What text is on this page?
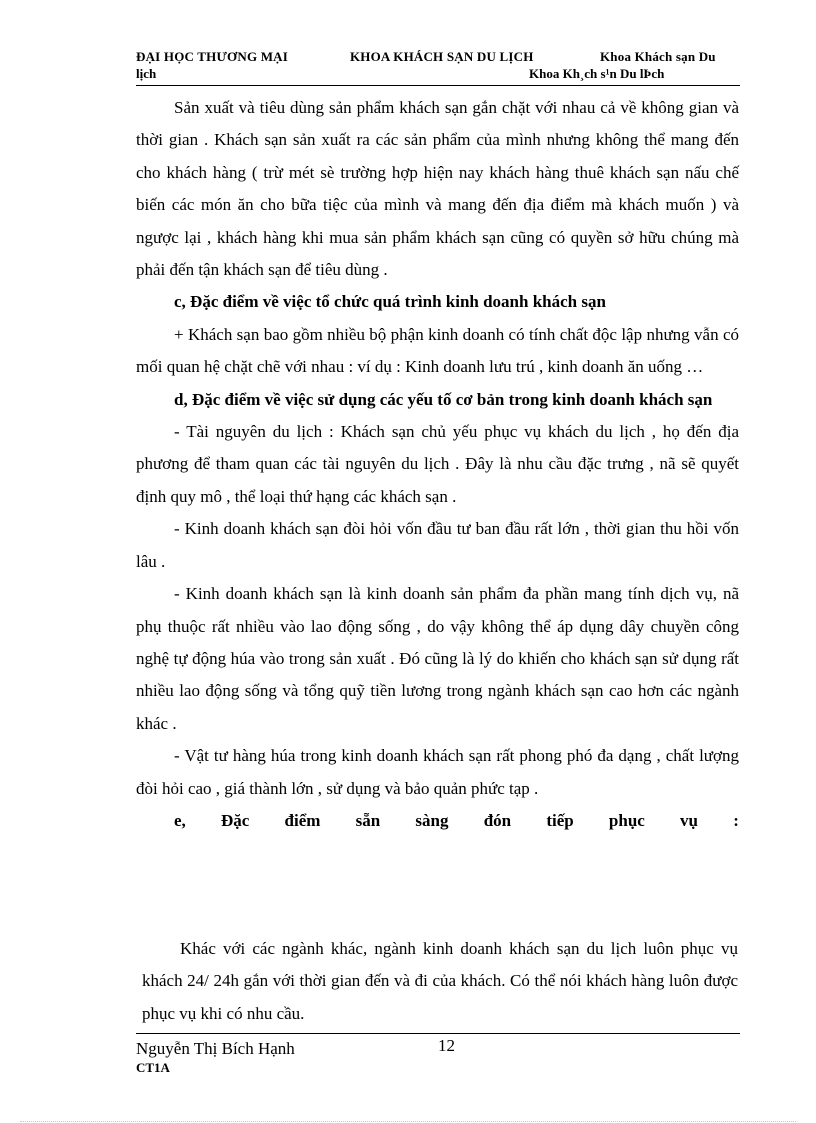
ĐẠI HỌC THƯƠNG MẠI	KHOA KHÁCH SẠN DU LỊCH	Khoa Khách sạn Du
lịch	Khoa Kh¸ch s¹n Du lÞch

Sản xuất và tiêu dùng sản phẩm khách sạn gắn chặt với nhau cả về không gian và thời gian . Khách sạn sản xuất ra các sản phẩm của mình nhưng không thể mang đến cho khách hàng ( trừ mét sè trường hợp hiện nay khách hàng thuê khách sạn nấu chế biến các món ăn cho bữa tiệc của mình và mang đến địa điểm mà khách muốn ) và ngược lại , khách hàng khi mua sản phẩm khách sạn cũng có quyền sở hữu chúng mà phải đến tận khách sạn để tiêu dùng .

c, Đặc điểm về việc tổ chức quá trình kinh doanh khách sạn

+ Khách sạn bao gồm nhiều bộ phận kinh doanh có tính chất độc lập nhưng vẫn có mối quan hệ chặt chẽ với nhau : ví dụ : Kinh doanh lưu trú , kinh doanh ăn uống …

d, Đặc điểm về việc sử dụng các yếu tố cơ bản trong kinh doanh khách sạn

- Tài nguyên du lịch : Khách sạn chủ yếu phục vụ khách du lịch , họ đến địa phương để tham quan các tài nguyên du lịch . Đây là nhu cầu đặc trưng , nã sẽ quyết định quy mô , thể loại thứ hạng các khách sạn .

- Kinh doanh khách sạn đòi hỏi vốn đầu tư ban đầu rất lớn , thời gian thu hồi vốn lâu .

- Kinh doanh khách sạn là kinh doanh sản phẩm đa phần mang tính dịch vụ, nã phụ thuộc rất nhiều vào lao động sống , do vậy không thể áp dụng dây chuyền công nghệ tự động húa vào trong sản xuất . Đó cũng là lý do khiến cho khách sạn sử dụng rất nhiều lao động sống và tổng quỹ tiền lương trong ngành khách sạn cao hơn các ngành khác .

- Vật tư hàng húa trong kinh doanh khách sạn rất phong phó đa dạng , chất lượng đòi hỏi cao , giá thành lớn , sử dụng và bảo quản phức tạp .

e, Đặc điểm sẵn sàng đón tiếp phục vụ :

Khác với các ngành khác, ngành kinh doanh khách sạn du lịch luôn phục vụ khách 24/ 24h gắn với thời gian đến và đi của khách. Có thể nói khách hàng luôn được phục vụ khi có nhu cầu.

Nguyễn Thị Bích Hạnh	12
CT1A
